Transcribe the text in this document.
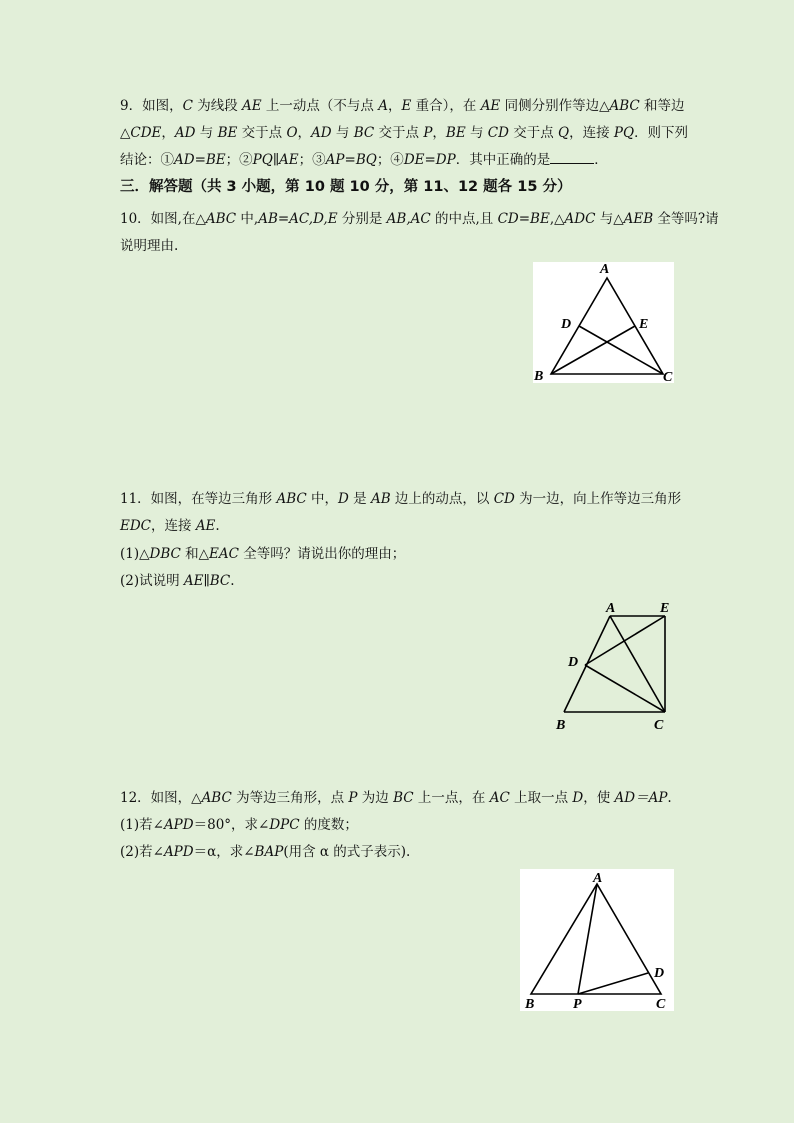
9．如图，C 为线段 AE 上一动点（不与点 A，E 重合），在 AE 同侧分别作等边△ABC 和等边
△CDE，AD 与 BE 交于点 O，AD 与 BC 交于点 P，BE 与 CD 交于点 Q，连接 PQ．则下列
结论：①AD=BE；②PQ∥AE；③AP=BQ；④DE=DP．其中正确的是	．
三．解答题（共 3 小题，第 10 题 10 分，第 11、12 题各 15 分）
10．如图,在△ABC 中,AB=AC,D,E 分别是 AB,AC 的中点,且 CD=BE,△ADC 与△AEB 全等吗?请
说明理由.
A
D	E
B	C
11．如图，在等边三角形 ABC 中，D 是 AB 边上的动点，以 CD 为一边，向上作等边三角形
EDC，连接 AE.
(1)△DBC 和△EAC 全等吗？请说出你的理由；
(2)试说明 AE∥BC.
A	E
D
B	C
12．如图，△ABC 为等边三角形，点 P 为边 BC 上一点，在 AC 上取一点 D，使 AD＝AP.
(1)若∠APD＝80°，求∠DPC 的度数；
(2)若∠APD＝α，求∠BAP(用含 α 的式子表示).
A
D
B	P	C
